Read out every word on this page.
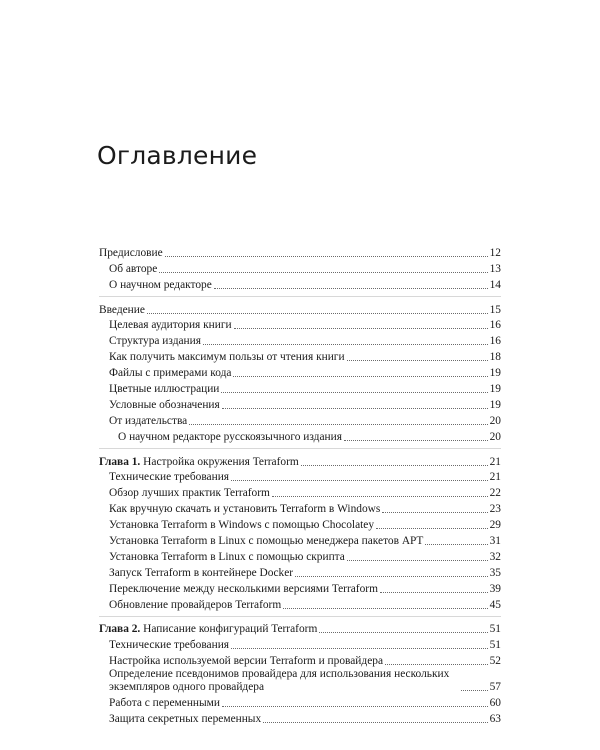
Оглавление
Предисловие	12
Об авторе	13
О научном редакторе	14
Введение	15
Целевая аудитория книги	16
Структура издания	16
Как получить максимум пользы от чтения книги	18
Файлы с примерами кода	19
Цветные иллюстрации	19
Условные обозначения	19
От издательства	20
О научном редакторе русскоязычного издания	20
Глава 1. Настройка окружения Terraform	21
Технические требования	21
Обзор лучших практик Terraform	22
Как вручную скачать и установить Terraform в Windows	23
Установка Terraform в Windows с помощью Chocolatey	29
Установка Terraform в Linux с помощью менеджера пакетов APT	31
Установка Terraform в Linux с помощью скрипта	32
Запуск Terraform в контейнере Docker	35
Переключение между несколькими версиями Terraform	39
Обновление провайдеров Terraform	45
Глава 2. Написание конфигураций Terraform	51
Технические требования	51
Настройка используемой версии Terraform и провайдера	52
Определение псевдонимов провайдера для использования нескольких экземпляров одного провайдера	57
Работа с переменными	60
Защита секретных переменных	63
